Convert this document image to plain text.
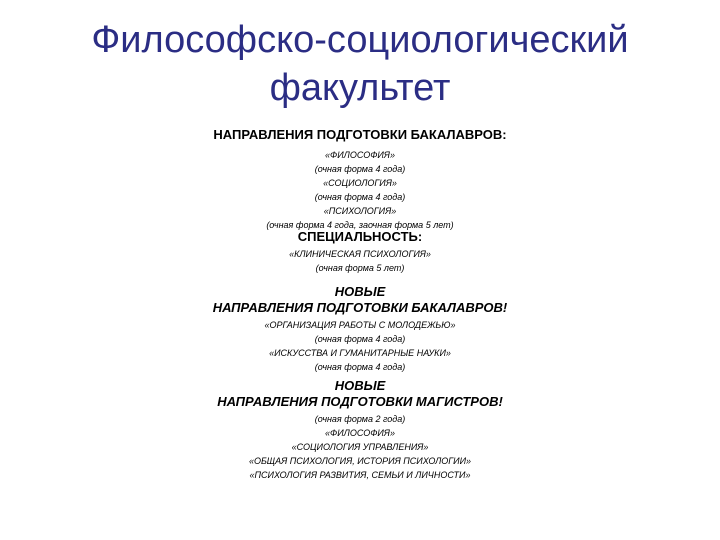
Философско-социологический
факультет
НАПРАВЛЕНИЯ ПОДГОТОВКИ БАКАЛАВРОВ:
«ФИЛОСОФИЯ»
(очная форма 4 года)
«СОЦИОЛОГИЯ»
(очная форма 4 года)
«ПСИХОЛОГИЯ»
(очная форма 4 года, заочная форма 5 лет)
СПЕЦИАЛЬНОСТЬ:
«КЛИНИЧЕСКАЯ ПСИХОЛОГИЯ»
(очная форма 5 лет)
НОВЫЕ
НАПРАВЛЕНИЯ ПОДГОТОВКИ БАКАЛАВРОВ!
«ОРГАНИЗАЦИЯ РАБОТЫ С МОЛОДЕЖЬЮ»
(очная форма 4 года)
«ИСКУССТВА И ГУМАНИТАРНЫЕ НАУКИ»
(очная форма 4 года)
НОВЫЕ
НАПРАВЛЕНИЯ ПОДГОТОВКИ МАГИСТРОВ!
(очная форма 2 года)
«ФИЛОСОФИЯ»
«СОЦИОЛОГИЯ УПРАВЛЕНИЯ»
«ОБЩАЯ ПСИХОЛОГИЯ, ИСТОРИЯ ПСИХОЛОГИИ»
«ПСИХОЛОГИЯ РАЗВИТИЯ, СЕМЬИ И ЛИЧНОСТИ»
